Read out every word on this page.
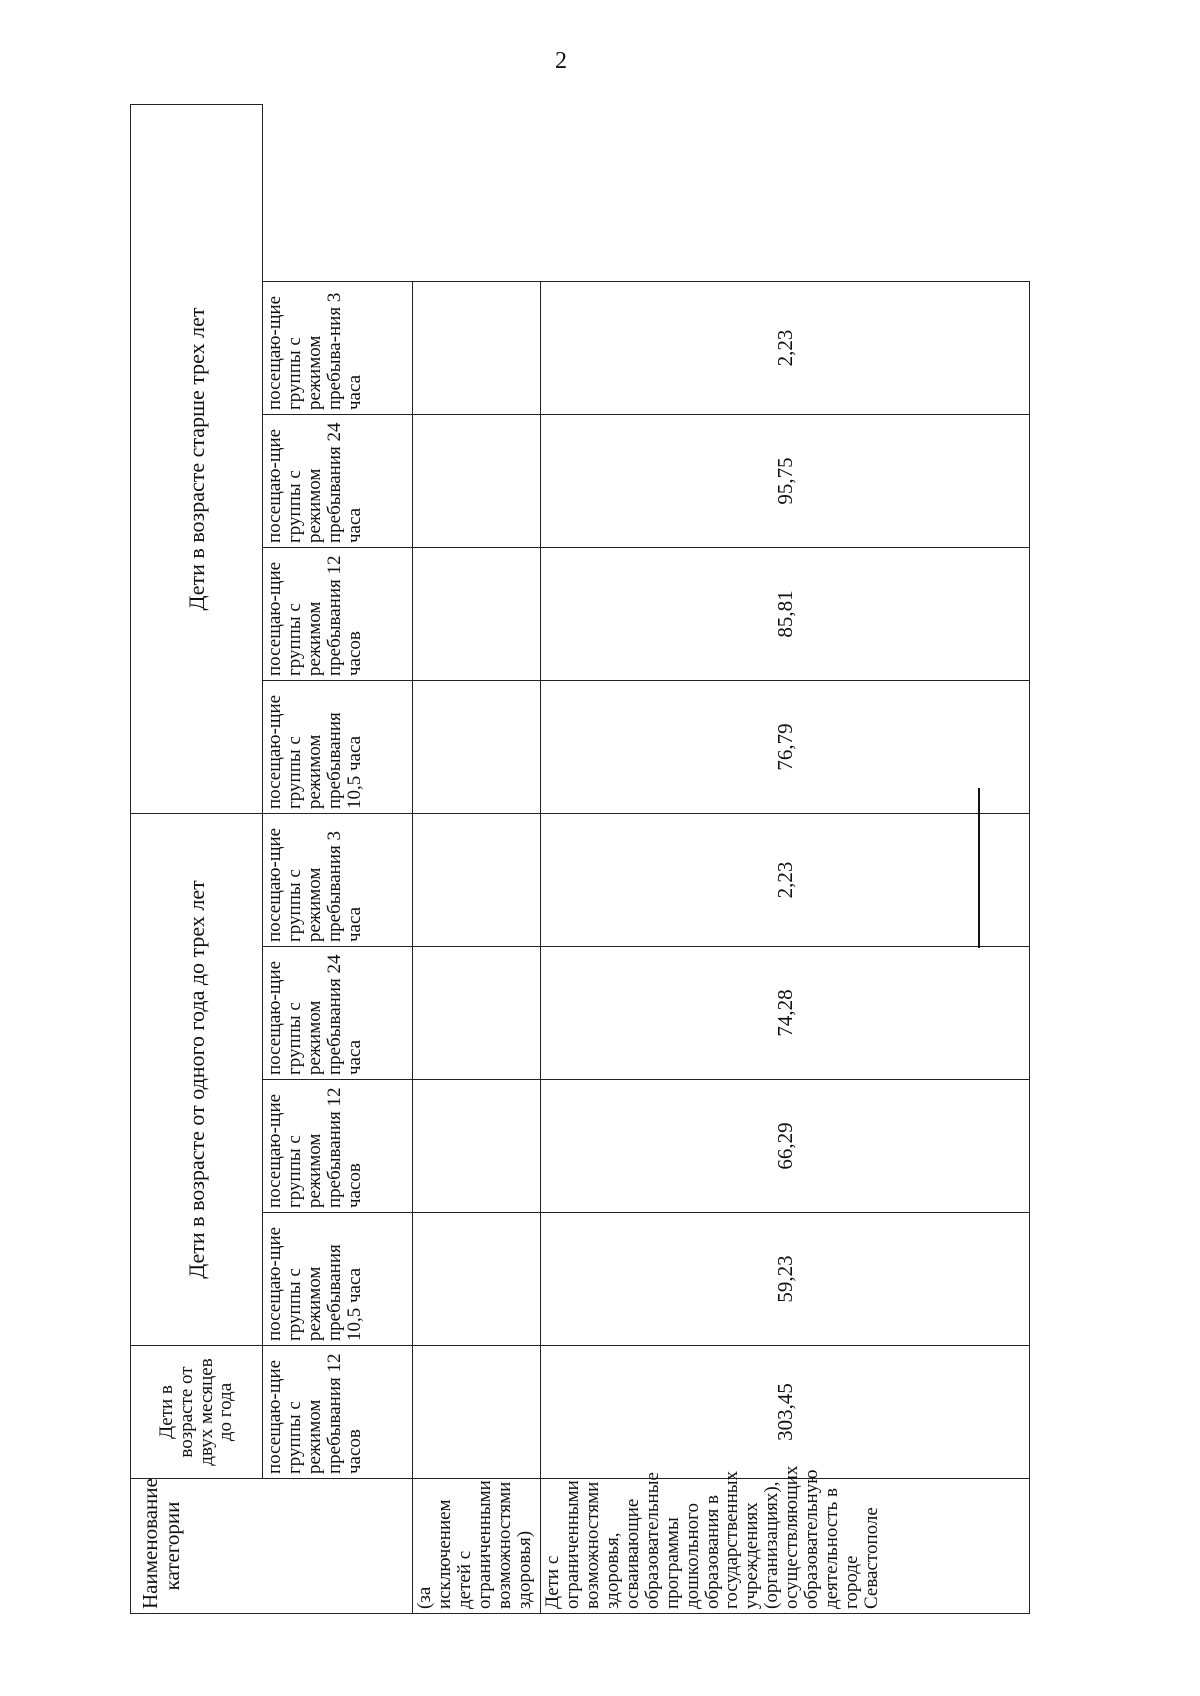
2
Наименование категории	Дети в возрасте от двух месяцев до года	Дети в возрасте от одного года до трех лет				Дети в возрасте старше трех лет			
	посещаю-щие группы с режимом пребывания 12 часов	посещаю-щие группы с режимом пребывания 10,5 часа	посещаю-щие группы с режимом пребывания 12 часов	посещаю-щие группы с режимом пребывания 24 часа	посещаю-щие группы с режимом пребывания 3 часа	посещаю-щие группы с режимом пребывания 10,5 часа	посещаю-щие группы с режимом пребывания 12 часов	посещаю-щие группы с режимом пребывания 24 часа	посещаю-щие группы с режимом пребыва-ния 3 часа
(за исключением детей с ограниченными возможностями здоровья)									
Дети с ограниченными возможностями здоровья, осваивающие образовательные программы дошкольного образования в государственных учреждениях (организациях), осуществляющих образовательную деятельность в городе Севастополе	303,45	59,23	66,29	74,28	2,23	76,79	85,81	95,75	2,23
